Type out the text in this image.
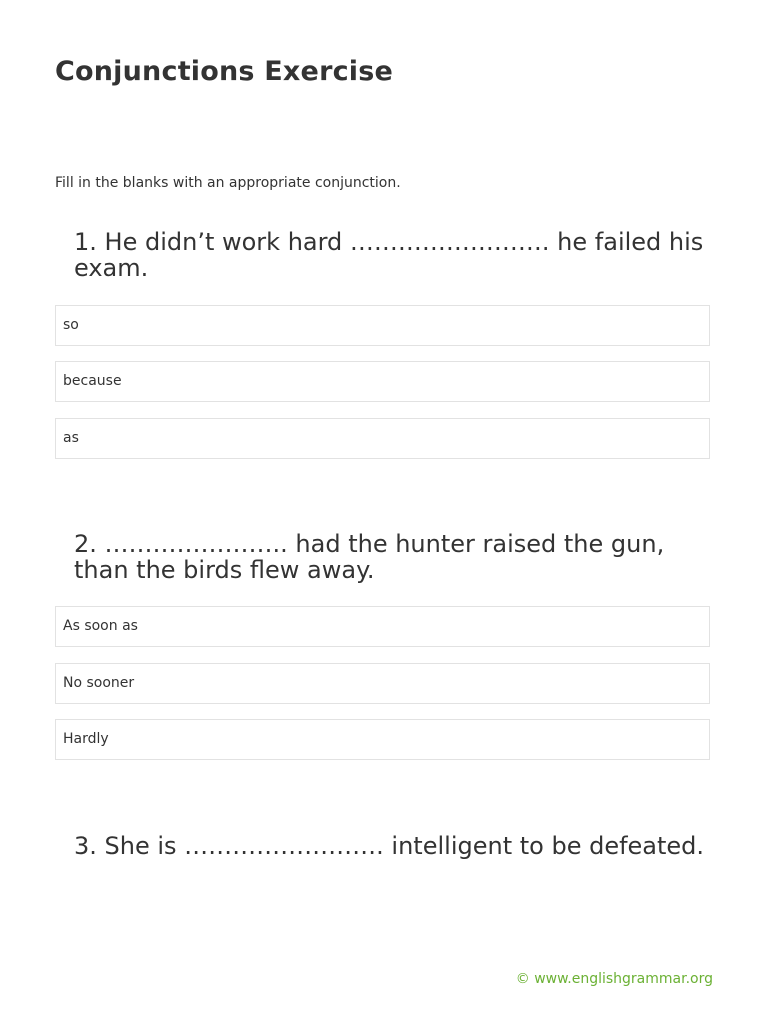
Conjunctions Exercise

Fill in the blanks with an appropriate conjunction.

1. He didn’t work hard ……………………. he failed his exam.
so
because
as
2. ………………….. had the hunter raised the gun, than the birds flew away.
As soon as
No sooner
Hardly
3. She is ……………………. intelligent to be defeated.

© www.englishgrammar.org
